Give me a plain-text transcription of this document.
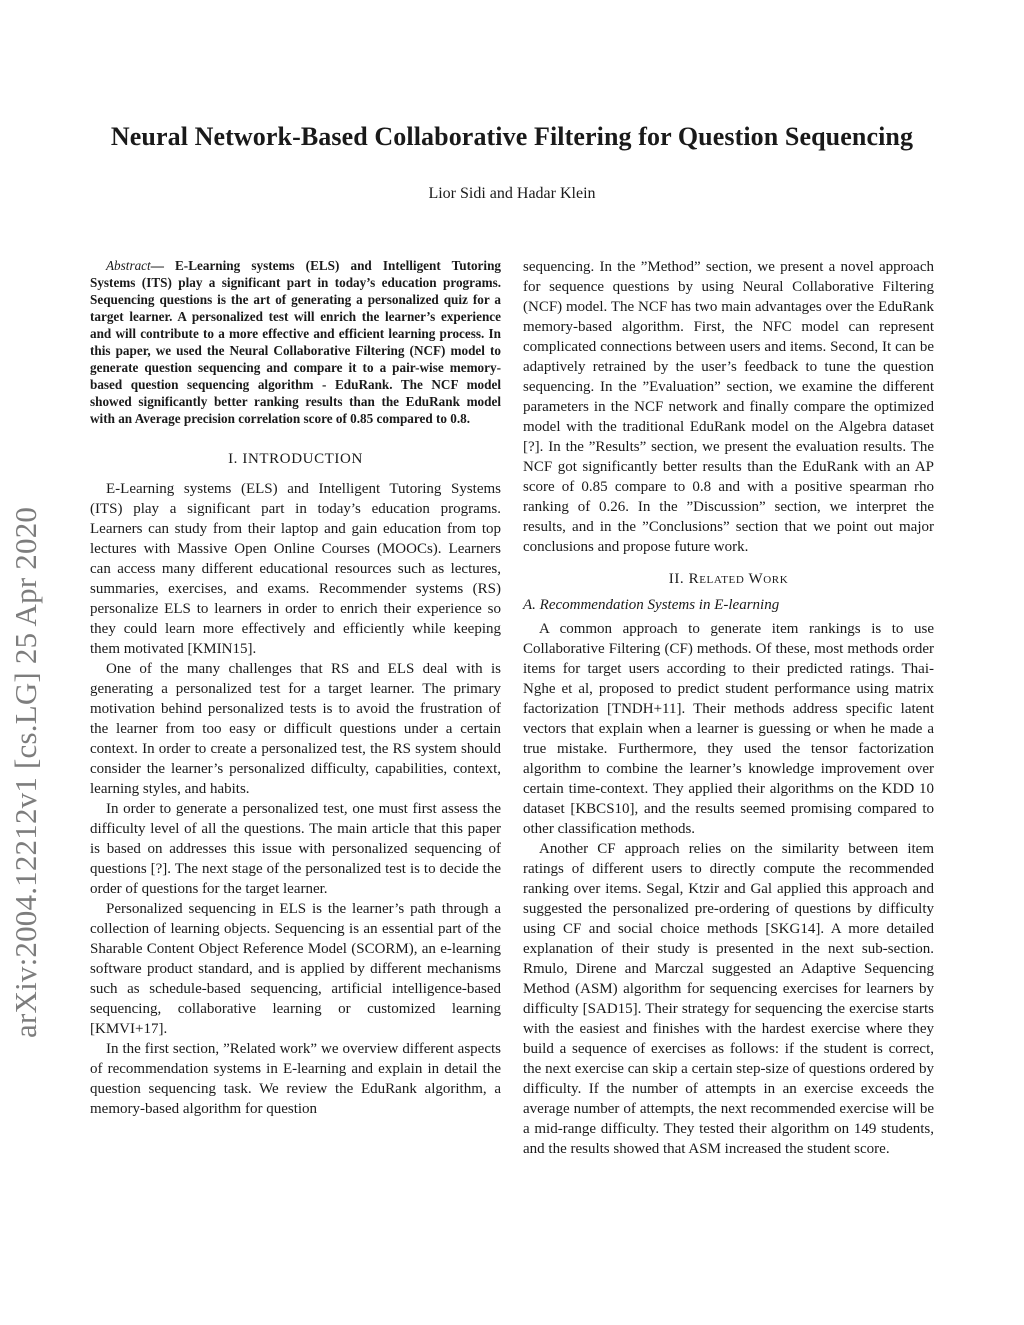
Neural Network-Based Collaborative Filtering for Question Sequencing
Lior Sidi and Hadar Klein
arXiv:2004.12212v1 [cs.LG] 25 Apr 2020

Abstract— E-Learning systems (ELS) and Intelligent Tutoring Systems (ITS) play a significant part in today’s education programs. Sequencing questions is the art of generating a personalized quiz for a target learner. A personalized test will enrich the learner’s experience and will contribute to a more effective and efficient learning process. In this paper, we used the Neural Collaborative Filtering (NCF) model to generate question sequencing and compare it to a pair-wise memory-based question sequencing algorithm - EduRank. The NCF model showed significantly better ranking results than the EduRank model with an Average precision correlation score of 0.85 compared to 0.8.

I. INTRODUCTION

E-Learning systems (ELS) and Intelligent Tutoring Systems (ITS) play a significant part in today’s education programs. Learners can study from their laptop and gain education from top lectures with Massive Open Online Courses (MOOCs). Learners can access many different educational resources such as lectures, summaries, exercises, and exams. Recommender systems (RS) personalize ELS to learners in order to enrich their experience so they could learn more effectively and efficiently while keeping them motivated [KMIN15].

One of the many challenges that RS and ELS deal with is generating a personalized test for a target learner. The primary motivation behind personalized tests is to avoid the frustration of the learner from too easy or difficult questions under a certain context. In order to create a personalized test, the RS system should consider the learner’s personalized difficulty, capabilities, context, learning styles, and habits.

In order to generate a personalized test, one must first assess the difficulty level of all the questions. The main article that this paper is based on addresses this issue with personalized sequencing of questions [?]. The next stage of the personalized test is to decide the order of questions for the target learner.

Personalized sequencing in ELS is the learner’s path through a collection of learning objects. Sequencing is an essential part of the Sharable Content Object Reference Model (SCORM), an e-learning software product standard, and is applied by different mechanisms such as schedule-based sequencing, artificial intelligence-based sequencing, collaborative learning or customized learning [KMVI+17].

In the first section, ”Related work” we overview different aspects of recommendation systems in E-learning and explain in detail the question sequencing task. We review the EduRank algorithm, a memory-based algorithm for question

sequencing. In the ”Method” section, we present a novel approach for sequence questions by using Neural Collaborative Filtering (NCF) model. The NCF has two main advantages over the EduRank memory-based algorithm. First, the NFC model can represent complicated connections between users and items. Second, It can be adaptively retrained by the user’s feedback to tune the question sequencing. In the ”Evaluation” section, we examine the different parameters in the NCF network and finally compare the optimized model with the traditional EduRank model on the Algebra dataset [?]. In the ”Results” section, we present the evaluation results. The NCF got significantly better results than the EduRank with an AP score of 0.85 compare to 0.8 and with a positive spearman rho ranking of 0.26. In the ”Discussion” section, we interpret the results, and in the ”Conclusions” section that we point out major conclusions and propose future work.

II. Related Work
A. Recommendation Systems in E-learning

A common approach to generate item rankings is to use Collaborative Filtering (CF) methods. Of these, most methods order items for target users according to their predicted ratings. Thai-Nghe et al, proposed to predict student performance using matrix factorization [TNDH+11]. Their methods address specific latent vectors that explain when a learner is guessing or when he made a true mistake. Furthermore, they used the tensor factorization algorithm to combine the learner’s knowledge improvement over certain time-context. They applied their algorithms on the KDD 10 dataset [KBCS10], and the results seemed promising compared to other classification methods.

Another CF approach relies on the similarity between item ratings of different users to directly compute the recommended ranking over items. Segal, Ktzir and Gal applied this approach and suggested the personalized pre-ordering of questions by difficulty using CF and social choice methods [SKG14]. A more detailed explanation of their study is presented in the next sub-section. Rmulo, Direne and Marczal suggested an Adaptive Sequencing Method (ASM) algorithm for sequencing exercises for learners by difficulty [SAD15]. Their strategy for sequencing the exercise starts with the easiest and finishes with the hardest exercise where they build a sequence of exercises as follows: if the student is correct, the next exercise can skip a certain step-size of questions ordered by difficulty. If the number of attempts in an exercise exceeds the average number of attempts, the next recommended exercise will be a mid-range difficulty. They tested their algorithm on 149 students, and the results showed that ASM increased the student score.
